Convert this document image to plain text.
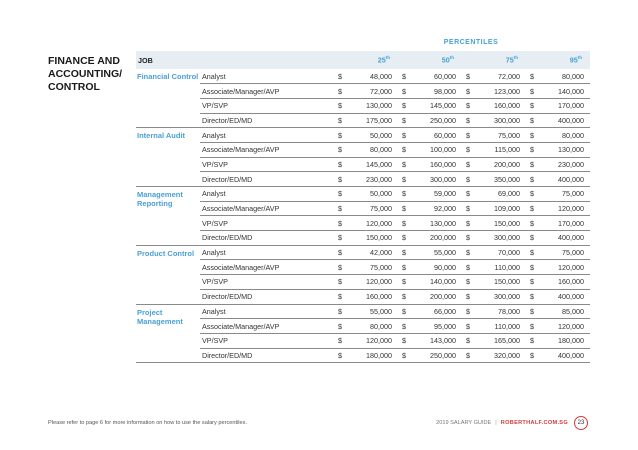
FINANCE AND ACCOUNTING/ CONTROL
PERCENTILES
JOB		25th		50th		75th		95th
Financial Control	Analyst	$	48,000	$	60,000	$	72,000	$	80,000
	Associate/Manager/AVP	$	72,000	$	98,000	$	123,000	$	140,000
	VP/SVP	$	130,000	$	145,000	$	160,000	$	170,000
	Director/ED/MD	$	175,000	$	250,000	$	300,000	$	400,000
Internal Audit	Analyst	$	50,000	$	60,000	$	75,000	$	80,000
	Associate/Manager/AVP	$	80,000	$	100,000	$	115,000	$	130,000
	VP/SVP	$	145,000	$	160,000	$	200,000	$	230,000
	Director/ED/MD	$	230,000	$	300,000	$	350,000	$	400,000
Management Reporting	Analyst	$	50,000	$	59,000	$	69,000	$	75,000
	Associate/Manager/AVP	$	75,000	$	92,000	$	109,000	$	120,000
	VP/SVP	$	120,000	$	130,000	$	150,000	$	170,000
	Director/ED/MD	$	150,000	$	200,000	$	300,000	$	400,000
Product Control	Analyst	$	42,000	$	55,000	$	70,000	$	75,000
	Associate/Manager/AVP	$	75,000	$	90,000	$	110,000	$	120,000
	VP/SVP	$	120,000	$	140,000	$	150,000	$	160,000
	Director/ED/MD	$	160,000	$	200,000	$	300,000	$	400,000
Project Management	Analyst	$	55,000	$	66,000	$	78,000	$	85,000
	Associate/Manager/AVP	$	80,000	$	95,000	$	110,000	$	120,000
	VP/SVP	$	120,000	$	143,000	$	165,000	$	180,000
	Director/ED/MD	$	180,000	$	250,000	$	320,000	$	400,000
Please refer to page 6 for more information on how to use the salary percentiles.	2019 SALARY GUIDE | ROBERTHALF.COM.SG	23
